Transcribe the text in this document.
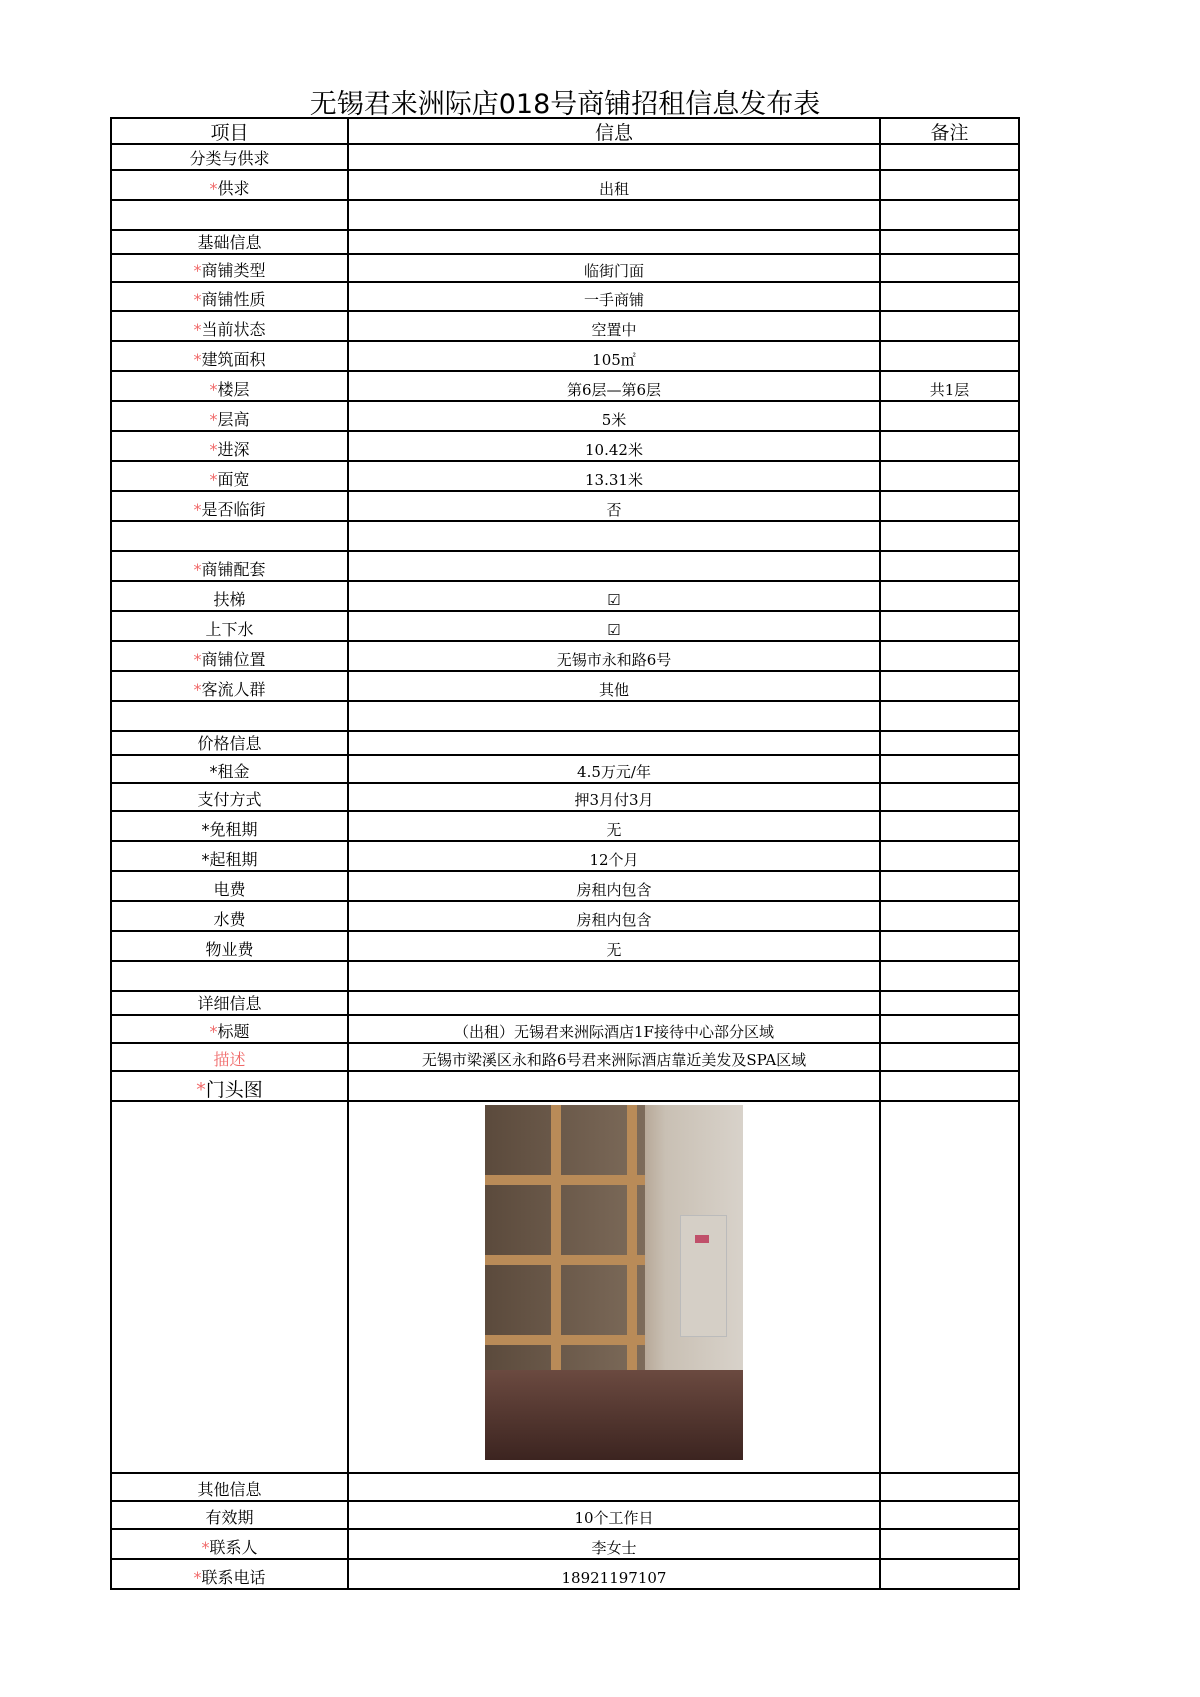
无锡君来洲际店018号商铺招租信息发布表
项目	信息	备注
分类与供求		
*供求	出租	

基础信息		
*商铺类型	临街门面	
*商铺性质	一手商铺	
*当前状态	空置中	
*建筑面积	105㎡	
*楼层	第6层—第6层	共1层
*层高	5米	
*进深	10.42米	
*面宽	13.31米	
*是否临街	否	

*商铺配套		
扶梯	☑	
上下水	☑	
*商铺位置	无锡市永和路6号	
*客流人群	其他	

价格信息		
*租金	4.5万元/年	
支付方式	押3月付3月	
*免租期	无	
*起租期	12个月	
电费	房租内包含	
水费	房租内包含	
物业费	无	

详细信息		
*标题	（出租）无锡君来洲际酒店1F接待中心部分区域	
描述	无锡市梁溪区永和路6号君来洲际酒店靠近美发及SPA区域	
*门头图		

其他信息		
有效期	10个工作日	
*联系人	李女士	
*联系电话	18921197107	
